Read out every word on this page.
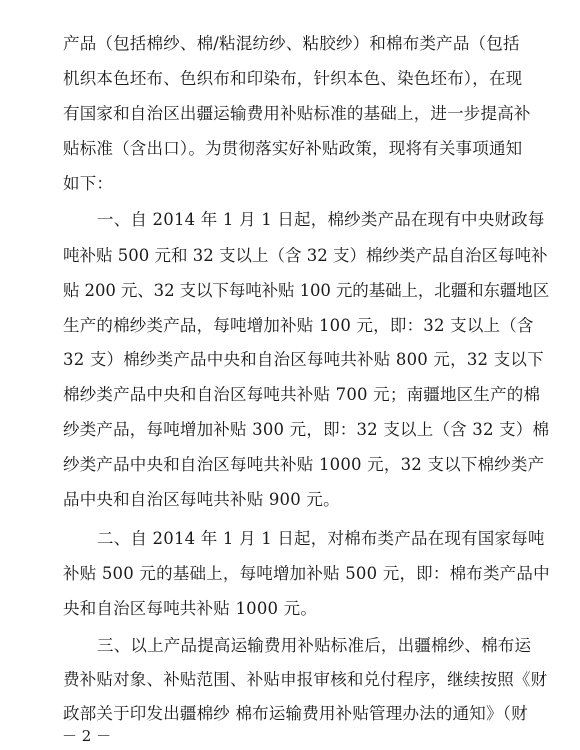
产品（包括棉纱、棉/粘混纺纱、粘胶纱）和棉布类产品（包括
机织本色坯布、色织布和印染布，针织本色、染色坯布），在现
有国家和自治区出疆运输费用补贴标准的基础上，进一步提高补
贴标准（含出口）。为贯彻落实好补贴政策，现将有关事项通知
如下：
一、自 2014 年 1 月 1 日起，棉纱类产品在现有中央财政每
吨补贴 500 元和 32 支以上（含 32 支）棉纱类产品自治区每吨补
贴 200 元、32 支以下每吨补贴 100 元的基础上，北疆和东疆地区
生产的棉纱类产品，每吨增加补贴 100 元，即：32 支以上（含
32 支）棉纱类产品中央和自治区每吨共补贴 800 元，32 支以下
棉纱类产品中央和自治区每吨共补贴 700 元；南疆地区生产的棉
纱类产品，每吨增加补贴 300 元，即：32 支以上（含 32 支）棉
纱类产品中央和自治区每吨共补贴 1000 元，32 支以下棉纱类产
品中央和自治区每吨共补贴 900 元。
二、自 2014 年 1 月 1 日起，对棉布类产品在现有国家每吨
补贴 500 元的基础上，每吨增加补贴 500 元，即：棉布类产品中
央和自治区每吨共补贴 1000 元。
三、以上产品提高运输费用补贴标准后，出疆棉纱、棉布运
费补贴对象、补贴范围、补贴申报审核和兑付程序，继续按照《财
政部关于印发出疆棉纱 棉布运输费用补贴管理办法的通知》（财
－ 2 －
